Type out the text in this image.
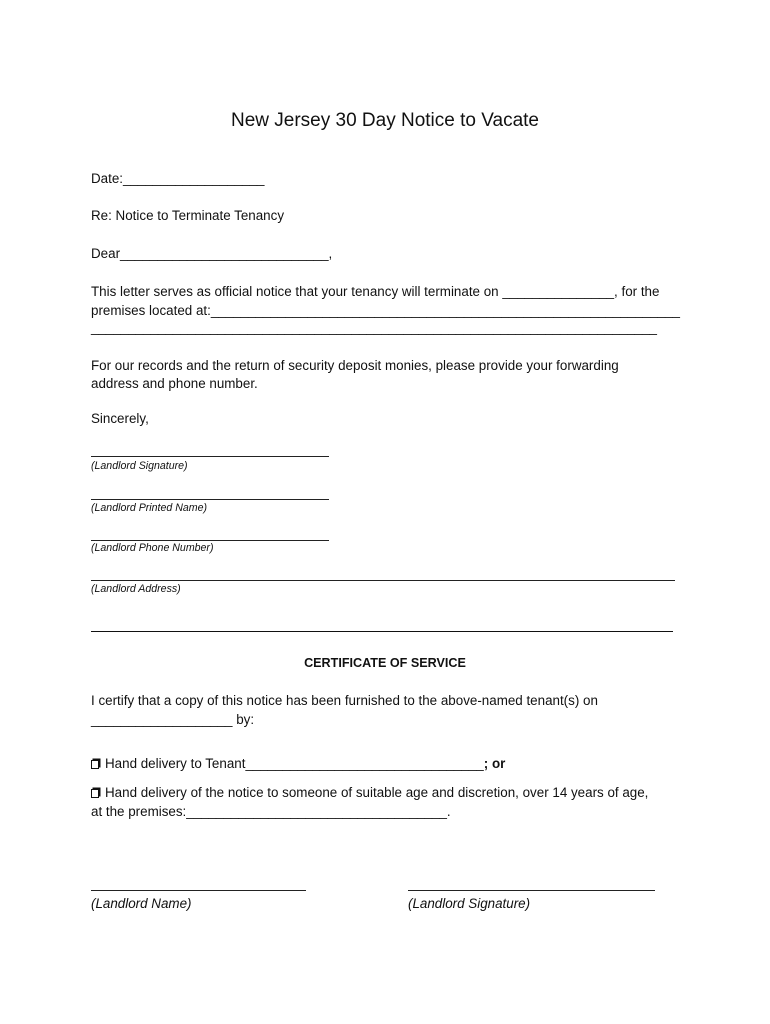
New Jersey 30 Day Notice to Vacate
Date:___________________
Re: Notice to Terminate Tenancy
Dear____________________________,
This letter serves as official notice that your tenancy will terminate on _______________, for the
premises located at:_______________________________________________________________
____________________________________________________________________________
For our records and the return of security deposit monies, please provide your forwarding
address and phone number.
Sincerely,
(Landlord Signature)
(Landlord Printed Name)
(Landlord Phone Number)
(Landlord Address)
CERTIFICATE OF SERVICE
I certify that a copy of this notice has been furnished to the above-named tenant(s) on
___________________ by:
Hand delivery to Tenant________________________________; or
Hand delivery of the notice to someone of suitable age and discretion, over 14 years of age,
at the premises:___________________________________.
(Landlord Name)	(Landlord Signature)
